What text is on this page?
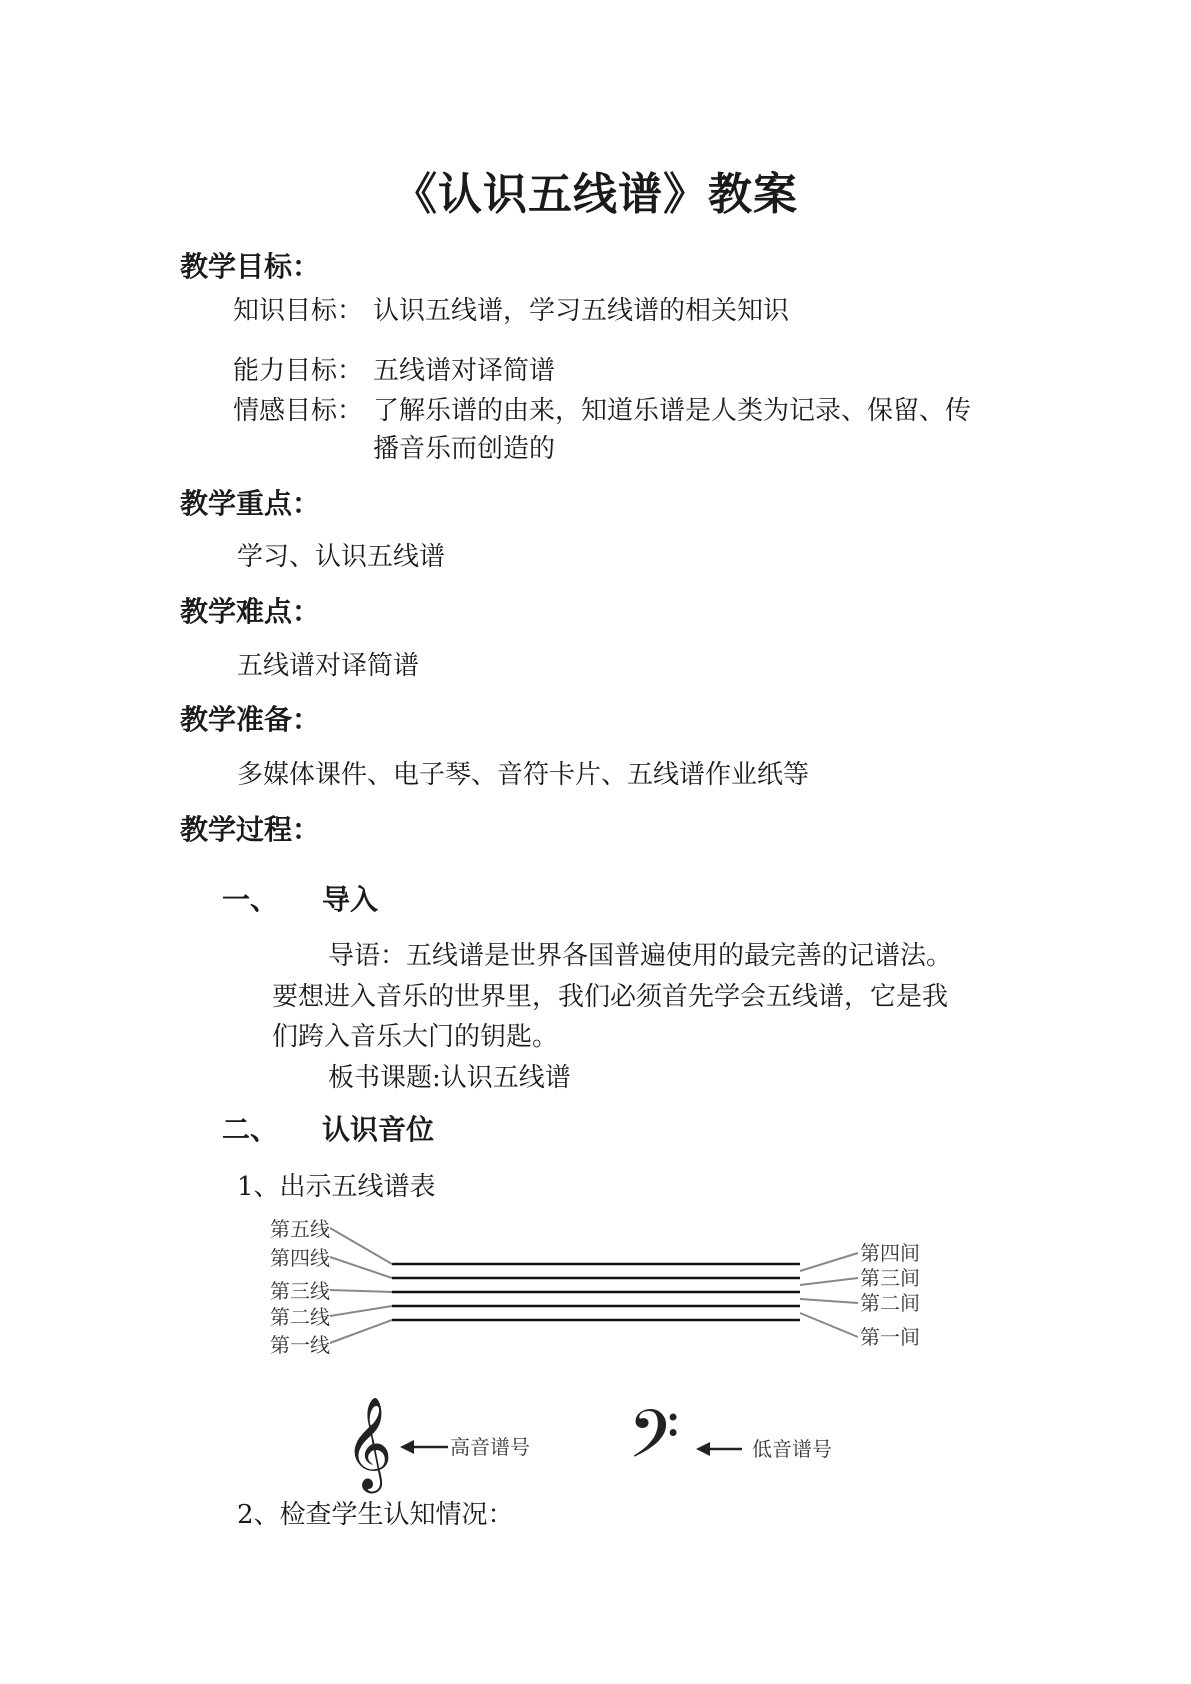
《认识五线谱》教案
教学目标：
知识目标： 认识五线谱，学习五线谱的相关知识
能力目标： 五线谱对译简谱
情感目标： 了解乐谱的由来，知道乐谱是人类为记录、保留、传
播音乐而创造的
教学重点：
学习、认识五线谱
教学难点：
五线谱对译简谱
教学准备：
多媒体课件、电子琴、音符卡片、五线谱作业纸等
教学过程：
一、 导入
导语：五线谱是世界各国普遍使用的最完善的记谱法。
要想进入音乐的世界里，我们必须首先学会五线谱，它是我
们跨入音乐大门的钥匙。
板书课题:认识五线谱
二、 认识音位
1、出示五线谱表
第五线
第四线
第三线
第二线
第一线
第四间
第三间
第二间
第一间
𝄞	高音谱号 𝄢	低音谱号
2、检查学生认知情况：
